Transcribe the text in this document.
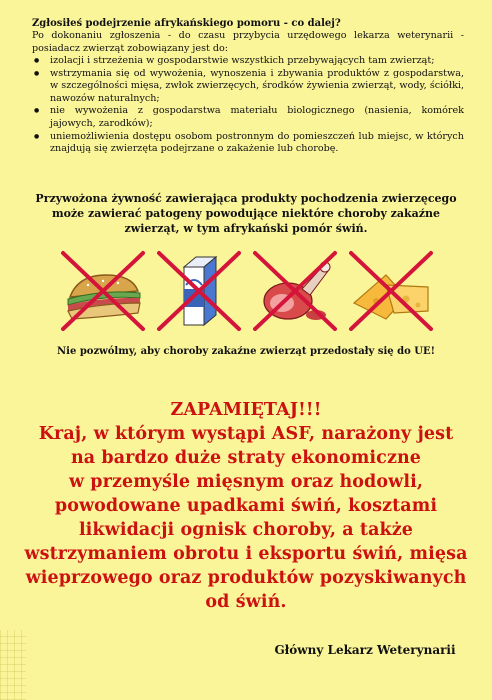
Zgłosiłeś podejrzenie afrykańskiego pomoru - co dalej?
Po dokonaniu zgłoszenia - do czasu przybycia urzędowego lekarza weterynarii - posiadacz zwierząt zobowiązany jest do:
● izolacji i strzeżenia w gospodarstwie wszystkich przebywających tam zwierząt;
● wstrzymania się od wywożenia, wynoszenia i zbywania produktów z gospodarstwa, w szczególności mięsa, zwłok zwierzęcych, środków żywienia zwierząt, wody, ściółki, nawozów naturalnych;
● nie wywożenia z gospodarstwa materiału biologicznego (nasienia, komórek jajowych, zarodków);
● uniemożliwienia dostępu osobom postronnym do pomieszczeń lub miejsc, w których znajdują się zwierzęta podejrzane o zakażenie lub chorobę.
Przywożona żywność zawierająca produkty pochodzenia zwierzęcego może zawierać patogeny powodujące niektóre choroby zakaźne zwierząt, w tym afrykański pomór świń.
Nie pozwólmy, aby choroby zakaźne zwierząt przedostały się do UE!
ZAPAMIĘTAJ!!!
Kraj, w którym wystąpi ASF, narażony jest
na bardzo duże straty ekonomiczne
w przemyśle mięsnym oraz hodowli,
powodowane upadkami świń, kosztami
likwidacji ognisk choroby, a także
wstrzymaniem obrotu i eksportu świń, mięsa
wieprzowego oraz produktów pozyskiwanych
od świń.
Główny Lekarz Weterynarii
